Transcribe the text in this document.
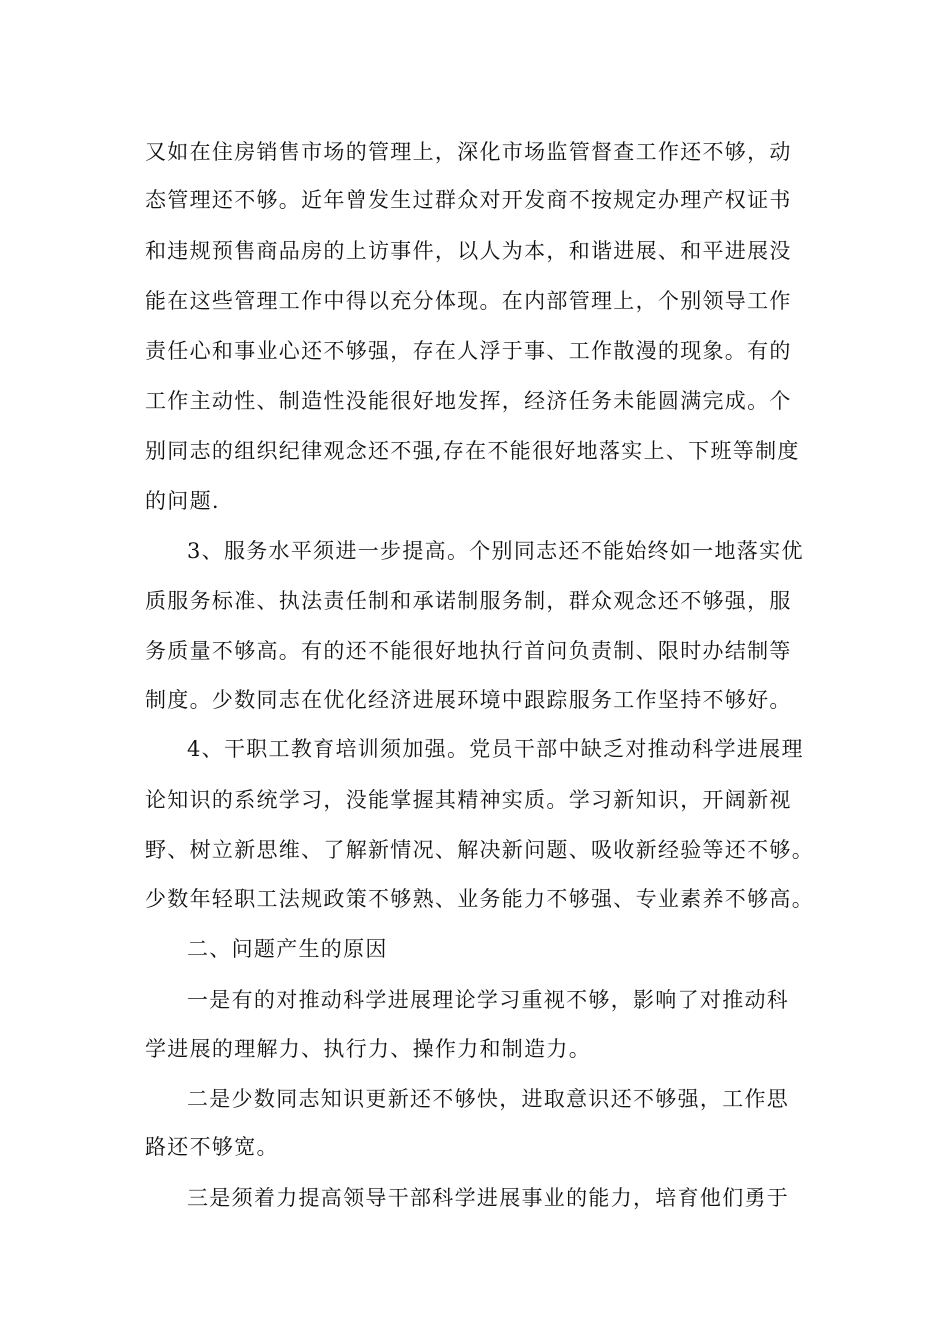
又如在住房销售市场的管理上，深化市场监管督查工作还不够，动
态管理还不够。近年曾发生过群众对开发商不按规定办理产权证书
和违规预售商品房的上访事件，以人为本，和谐进展、和平进展没
能在这些管理工作中得以充分体现。在内部管理上，个别领导工作
责任心和事业心还不够强，存在人浮于事、工作散漫的现象。有的
工作主动性、制造性没能很好地发挥，经济任务未能圆满完成。个
别同志的组织纪律观念还不强,存在不能很好地落实上、下班等制度
的问题.
3、服务水平须进一步提高。个别同志还不能始终如一地落实优
质服务标准、执法责任制和承诺制服务制，群众观念还不够强，服
务质量不够高。有的还不能很好地执行首问负责制、限时办结制等
制度。少数同志在优化经济进展环境中跟踪服务工作坚持不够好。
4、干职工教育培训须加强。党员干部中缺乏对推动科学进展理
论知识的系统学习，没能掌握其精神实质。学习新知识，开阔新视
野、树立新思维、了解新情况、解决新问题、吸收新经验等还不够。
少数年轻职工法规政策不够熟、业务能力不够强、专业素养不够高。
二、问题产生的原因
一是有的对推动科学进展理论学习重视不够，影响了对推动科
学进展的理解力、执行力、操作力和制造力。
二是少数同志知识更新还不够快，进取意识还不够强，工作思
路还不够宽。
三是须着力提高领导干部科学进展事业的能力，培育他们勇于
